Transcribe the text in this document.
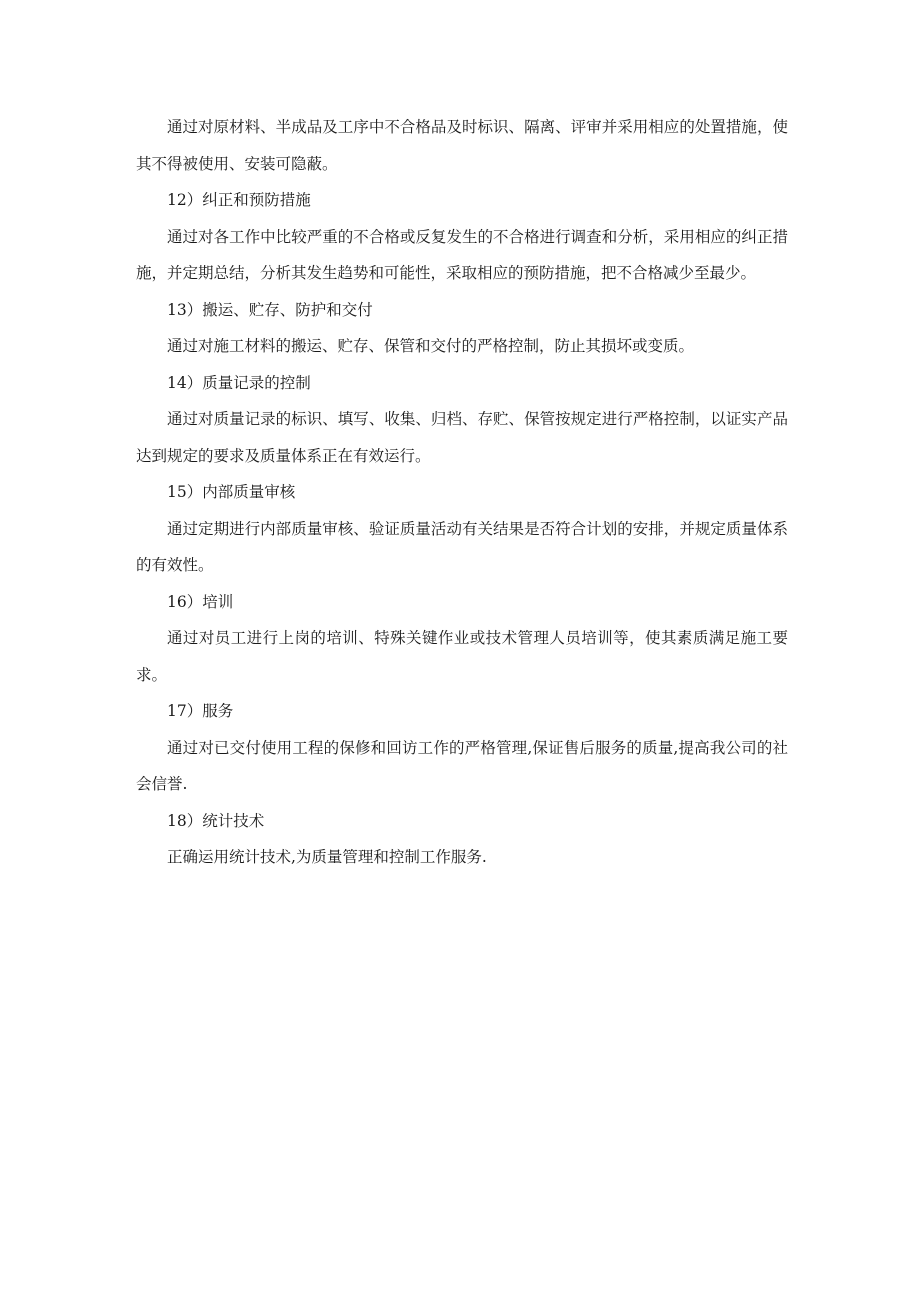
通过对原材料、半成品及工序中不合格品及时标识、隔离、评审并采用相应的处置措施，使其不得被使用、安装可隐蔽。

12）纠正和预防措施

通过对各工作中比较严重的不合格或反复发生的不合格进行调查和分析，采用相应的纠正措施，并定期总结，分析其发生趋势和可能性，采取相应的预防措施，把不合格减少至最少。

13）搬运、贮存、防护和交付

通过对施工材料的搬运、贮存、保管和交付的严格控制，防止其损坏或变质。

14）质量记录的控制

通过对质量记录的标识、填写、收集、归档、存贮、保管按规定进行严格控制，以证实产品达到规定的要求及质量体系正在有效运行。

15）内部质量审核

通过定期进行内部质量审核、验证质量活动有关结果是否符合计划的安排，并规定质量体系的有效性。

16）培训

通过对员工进行上岗的培训、特殊关键作业或技术管理人员培训等，使其素质满足施工要求。

17）服务

通过对已交付使用工程的保修和回访工作的严格管理,保证售后服务的质量,提高我公司的社会信誉.

18）统计技术

正确运用统计技术,为质量管理和控制工作服务.
